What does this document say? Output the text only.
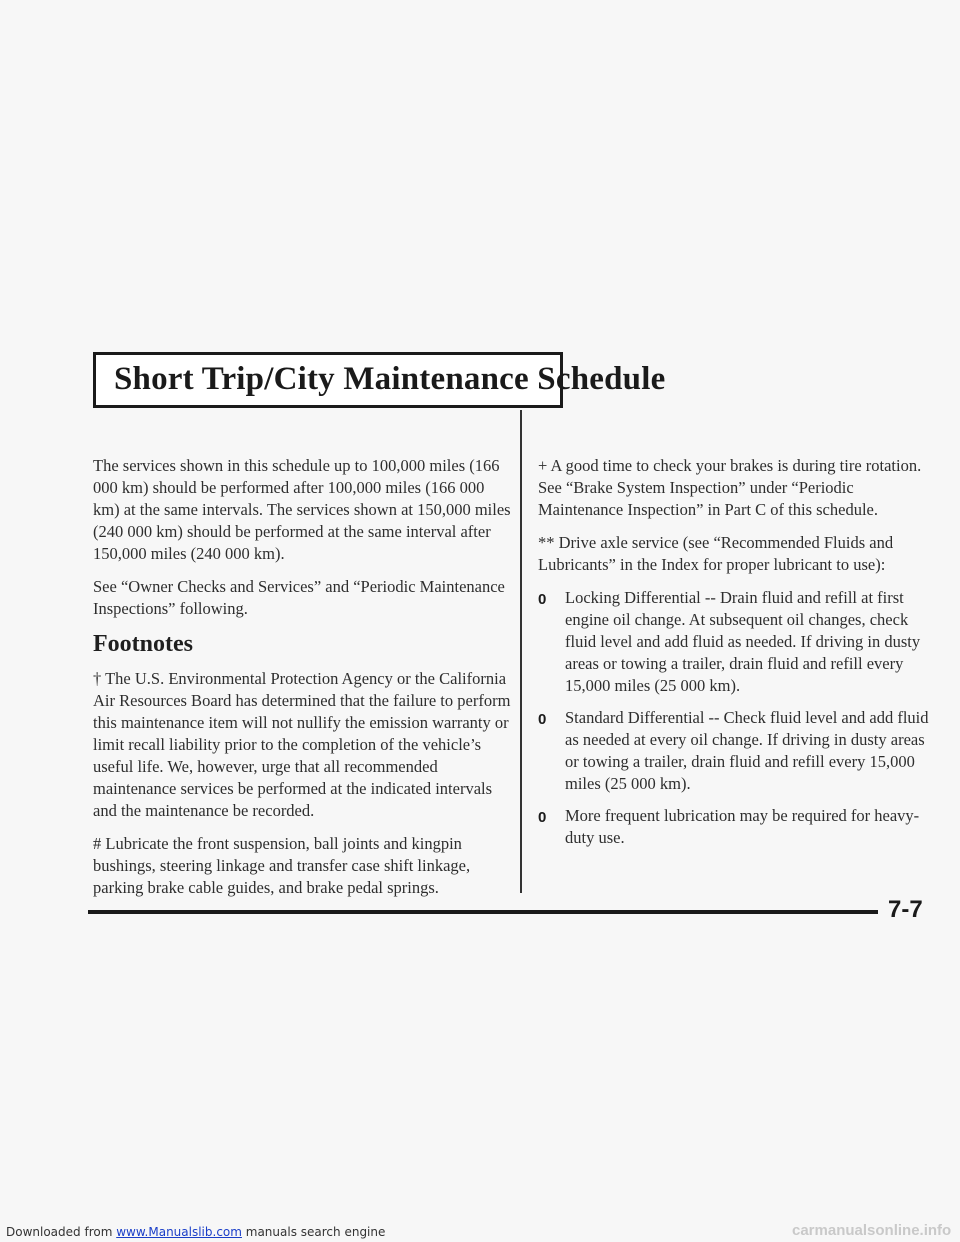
Short Trip/City Maintenance Schedule

The services shown in this schedule up to 100,000 miles (166 000 km) should be performed after 100,000 miles (166 000 km) at the same intervals. The services shown at 150,000 miles (240 000 km) should be performed at the same interval after 150,000 miles (240 000 km).

See “Owner Checks and Services” and “Periodic Maintenance Inspections” following.

Footnotes

† The U.S. Environmental Protection Agency or the California Air Resources Board has determined that the failure to perform this maintenance item will not nullify the emission warranty or limit recall liability prior to the completion of the vehicle’s useful life. We, however, urge that all recommended maintenance services be performed at the indicated intervals and the maintenance be recorded.

# Lubricate the front suspension, ball joints and kingpin bushings, steering linkage and transfer case shift linkage, parking brake cable guides, and brake pedal springs.

+ A good time to check your brakes is during tire rotation. See “Brake System Inspection” under “Periodic Maintenance Inspection” in Part C of this schedule.

** Drive axle service (see “Recommended Fluids and Lubricants” in the Index for proper lubricant to use):

0 Locking Differential -- Drain fluid and refill at first engine oil change. At subsequent oil changes, check fluid level and add fluid as needed. If driving in dusty areas or towing a trailer, drain fluid and refill every 15,000 miles (25 000 km).
0 Standard Differential -- Check fluid level and add fluid as needed at every oil change. If driving in dusty areas or towing a trailer, drain fluid and refill every 15,000 miles (25 000 km).
0 More frequent lubrication may be required for heavy-duty use.
7-7
Downloaded from www.Manualslib.com manuals search engine	carmanualsonline.info
